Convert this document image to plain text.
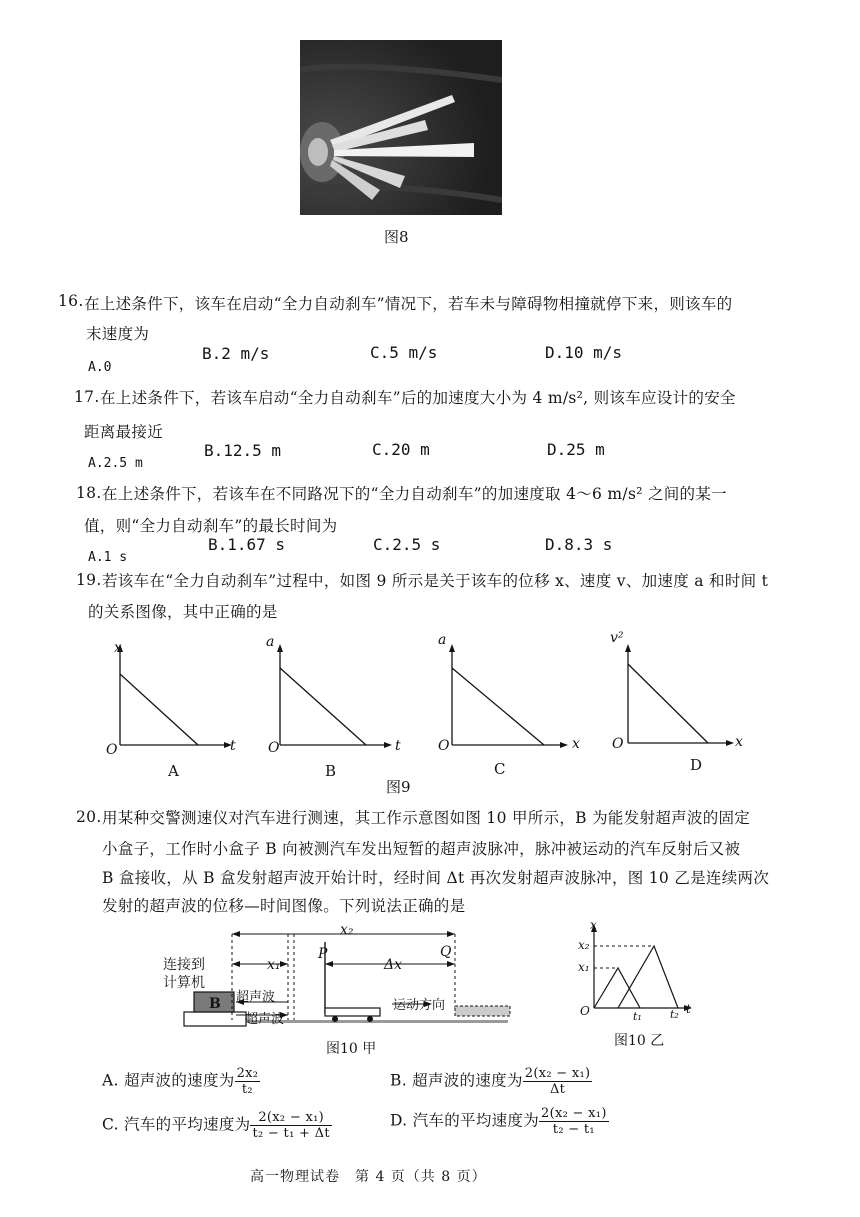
图8
16. 在上述条件下，该车在启动“全力自动刹车”情况下，若车未与障碍物相撞就停下来，则该车的
末速度为
A.0
B.2 m/s	C.5 m/s	D.10 m/s
17. 在上述条件下，若该车启动“全力自动刹车”后的加速度大小为 4 m/s², 则该车应设计的安全
距离最接近
A.2.5 m
B.12.5 m	C.20 m	D.25 m
18. 在上述条件下，若该车在不同路况下的“全力自动刹车”的加速度取 4～6 m/s² 之间的某一
值，则“全力自动刹车”的最长时间为
A.1 s
B.1.67 s	C.2.5 s	D.8.3 s
19. 若该车在“全力自动刹车”过程中，如图 9 所示是关于该车的位移 x、速度 v、加速度 a 和时间 t
的关系图像，其中正确的是
x
t
O
A
a
t
O
B
a
x
O
C
v²
x
O
D
图9
20. 用某种交警测速仪对汽车进行测速，其工作示意图如图 10 甲所示，B 为能发射超声波的固定
小盒子，工作时小盒子 B 向被测汽车发出短暂的超声波脉冲，脉冲被运动的汽车反射后又被
B 盒接收，从 B 盒发射超声波开始计时，经时间 Δt 再次发射超声波脉冲，图 10 乙是连续两次
发射的超声波的位移—时间图像。下列说法正确的是
连接到
计算机
B 超声波
超声波
x₁
x₂
Δx
P	Q
运动方向
图10 甲
x₂
x₁
x
t
O	t₁	t₂
图10 乙
A. 超声波的速度为 $\frac{\text{2x₂}}{\text{t₂}}$	B. 超声波的速度为 $\frac{\text{2(x₂ − x₁)}}{\Delta t}$
C. 汽车的平均速度为 $\frac{\text{2(x₂ − x₁)}}{\text{t₂ − t₁ + Δt}}$	D. 汽车的平均速度为 $\frac{\text{2(x₂ − x₁)}}{\text{t₂ − t₁}}$
高一物理试卷　第 4 页（共 8 页）
